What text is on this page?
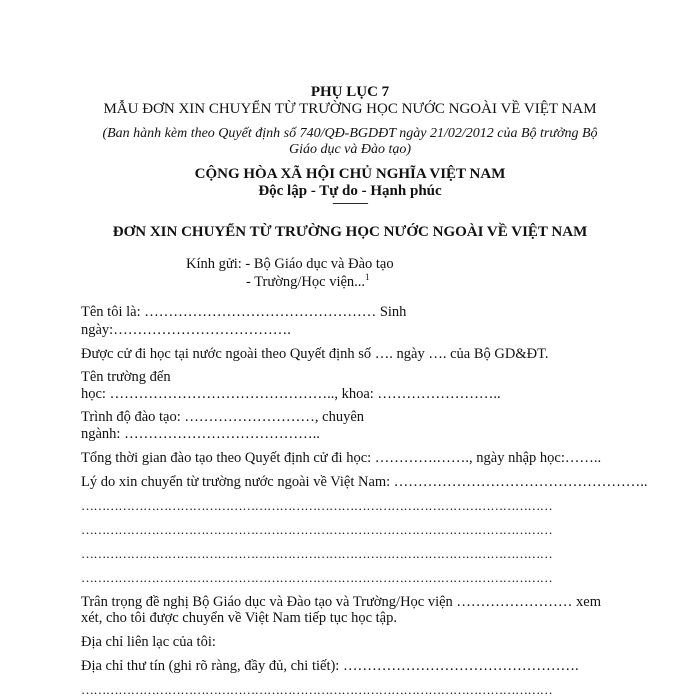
PHỤ LỤC 7
MẪU ĐƠN XIN CHUYỂN TỪ TRƯỜNG HỌC NƯỚC NGOÀI VỀ VIỆT NAM
(Ban hành kèm theo Quyết định số 740/QĐ-BGDĐT ngày 21/02/2012 của Bộ trưởng Bộ
Giáo dục và Đào tạo)
CỘNG HÒA XÃ HỘI CHỦ NGHĨA VIỆT NAM
Độc lập - Tự do - Hạnh phúc
---------------
ĐƠN XIN CHUYỂN TỪ TRƯỜNG HỌC NƯỚC NGOÀI VỀ VIỆT NAM
Kính gửi: - Bộ Giáo dục và Đào tạo
- Trường/Học viện...$^1$
Tên tôi là: ………………………………………… Sinh
ngày:……………………………….
Được cử đi học tại nước ngoài theo Quyết định số …. ngày …. của Bộ GD&ĐT.
Tên trường đến
học: ……………………………………….., khoa: ……………………..
Trình độ đào tạo: ………………………, chuyên
ngành: …………………………………..
Tổng thời gian đào tạo theo Quyết định cử đi học: ………….……., ngày nhập học:……..
Lý do xin chuyển từ trường nước ngoài về Việt Nam: ……………………………………………..
……………………………………………………………………………………………………
……………………………………………………………………………………………………
……………………………………………………………………………………………………
……………………………………………………………………………………………………
Trân trọng đề nghị Bộ Giáo dục và Đào tạo và Trường/Học viện …………………… xem
xét, cho tôi được chuyển về Việt Nam tiếp tục học tập.
Địa chỉ liên lạc của tôi:
Địa chỉ thư tín (ghi rõ ràng, đầy đủ, chi tiết): ………………………………………….
……………………………………………………………………………………………………
